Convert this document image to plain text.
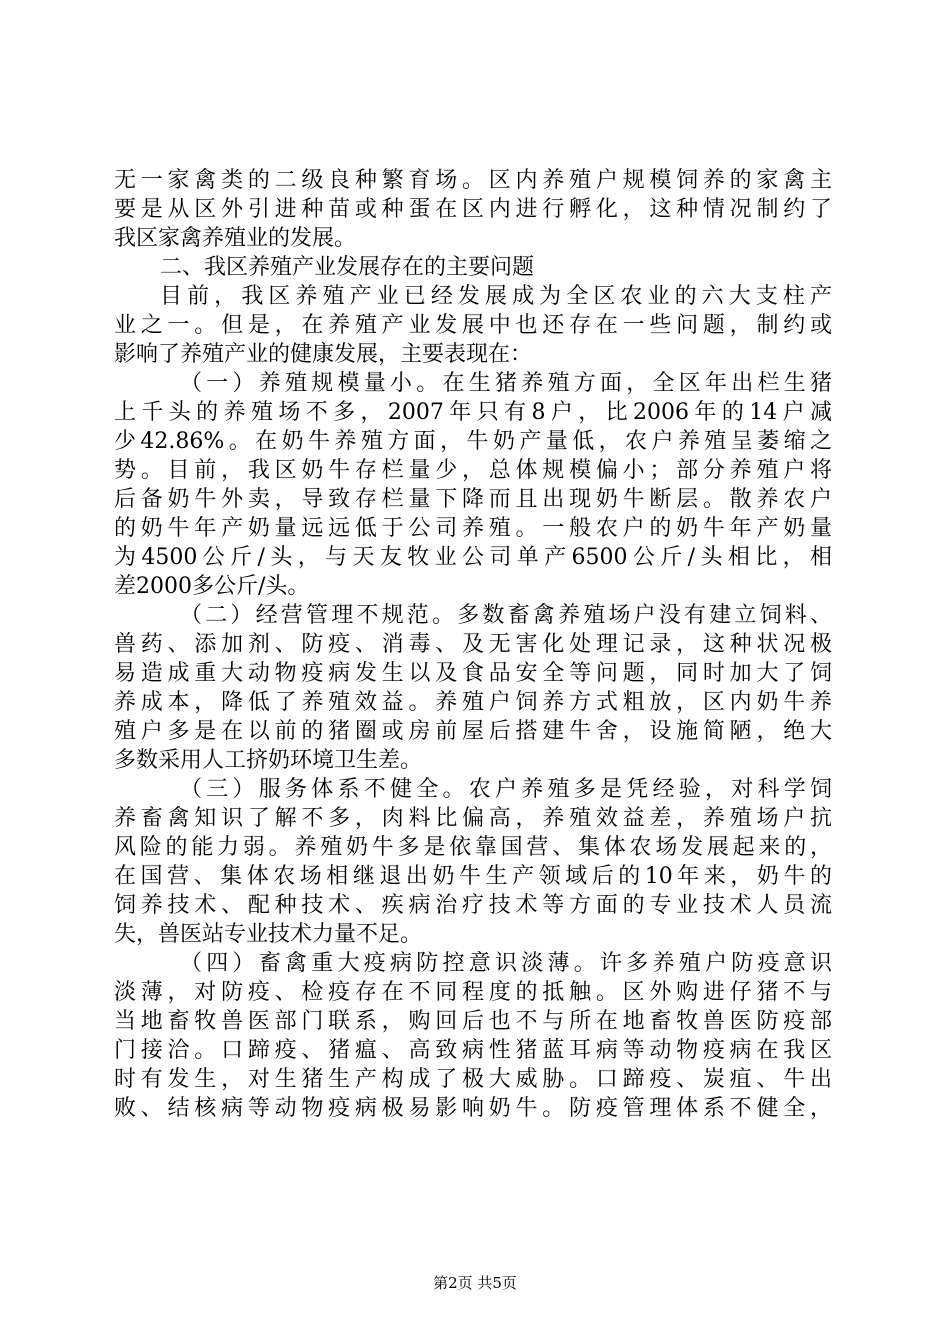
无一家禽类的二级良种繁育场。区内养殖户规模饲养的家禽主
要是从区外引进种苗或种蛋在区内进行孵化，这种情况制约了
我区家禽养殖业的发展。
二、我区养殖产业发展存在的主要问题
目前，我区养殖产业已经发展成为全区农业的六大支柱产
业之一。但是，在养殖产业发展中也还存在一些问题，制约或
影响了养殖产业的健康发展，主要表现在：
（一）养殖规模量小。在生猪养殖方面，全区年出栏生猪
上千头的养殖场不多，2007年只有8户，比2006年的14户减
少42.86%。在奶牛养殖方面，牛奶产量低，农户养殖呈萎缩之
势。目前，我区奶牛存栏量少，总体规模偏小；部分养殖户将
后备奶牛外卖，导致存栏量下降而且出现奶牛断层。散养农户
的奶牛年产奶量远远低于公司养殖。一般农户的奶牛年产奶量
为4500公斤/头，与天友牧业公司单产6500公斤/头相比，相
差2000多公斤/头。
（二）经营管理不规范。多数畜禽养殖场户没有建立饲料、
兽药、添加剂、防疫、消毒、及无害化处理记录，这种状况极
易造成重大动物疫病发生以及食品安全等问题，同时加大了饲
养成本，降低了养殖效益。养殖户饲养方式粗放，区内奶牛养
殖户多是在以前的猪圈或房前屋后搭建牛舍，设施简陋，绝大
多数采用人工挤奶环境卫生差。
（三）服务体系不健全。农户养殖多是凭经验，对科学饲
养畜禽知识了解不多，肉料比偏高，养殖效益差，养殖场户抗
风险的能力弱。养殖奶牛多是依靠国营、集体农场发展起来的，
在国营、集体农场相继退出奶牛生产领域后的10年来，奶牛的
饲养技术、配种技术、疾病治疗技术等方面的专业技术人员流
失，兽医站专业技术力量不足。
（四）畜禽重大疫病防控意识淡薄。许多养殖户防疫意识
淡薄，对防疫、检疫存在不同程度的抵触。区外购进仔猪不与
当地畜牧兽医部门联系，购回后也不与所在地畜牧兽医防疫部
门接洽。口蹄疫、猪瘟、高致病性猪蓝耳病等动物疫病在我区
时有发生，对生猪生产构成了极大威胁。口蹄疫、炭疽、牛出
败、结核病等动物疫病极易影响奶牛。防疫管理体系不健全，
第2页 共5页
